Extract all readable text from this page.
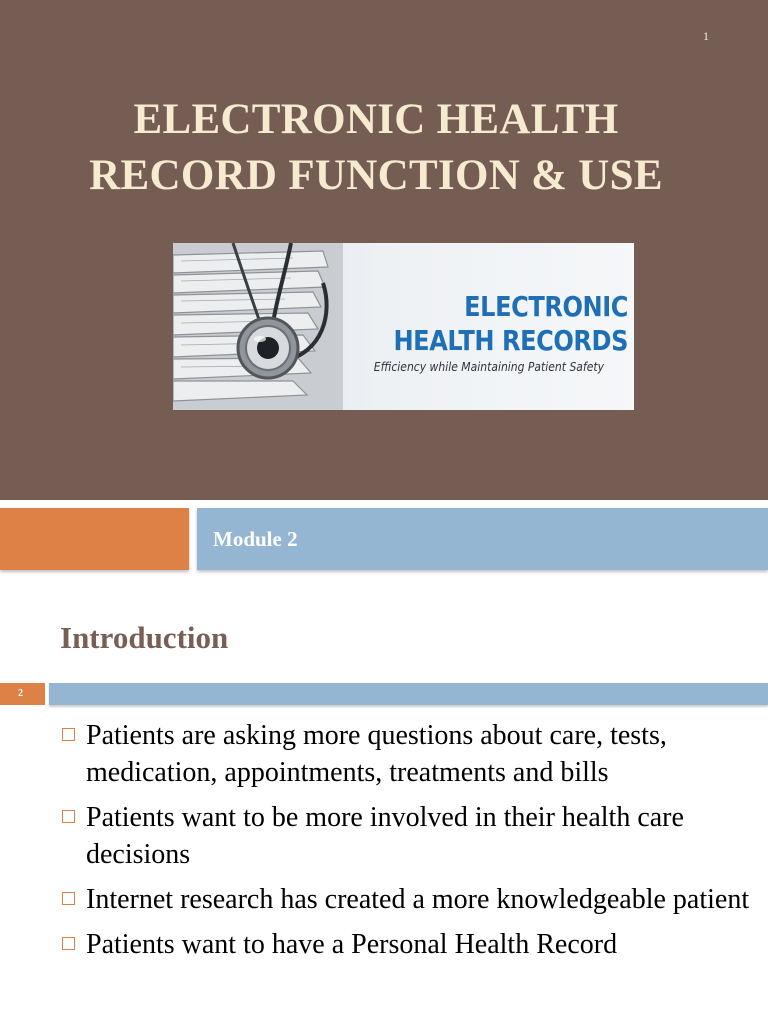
1
ELECTRONIC HEALTH
RECORD FUNCTION & USE
ELECTRONIC
HEALTH RECORDS
Efficiency while Maintaining Patient Safety
Module 2
Introduction
2
Patients are asking more questions about care, tests, medication, appointments, treatments and bills
Patients want to be more involved in their health care decisions
Internet research has created a more knowledgeable patient
Patients want to have a Personal Health Record
